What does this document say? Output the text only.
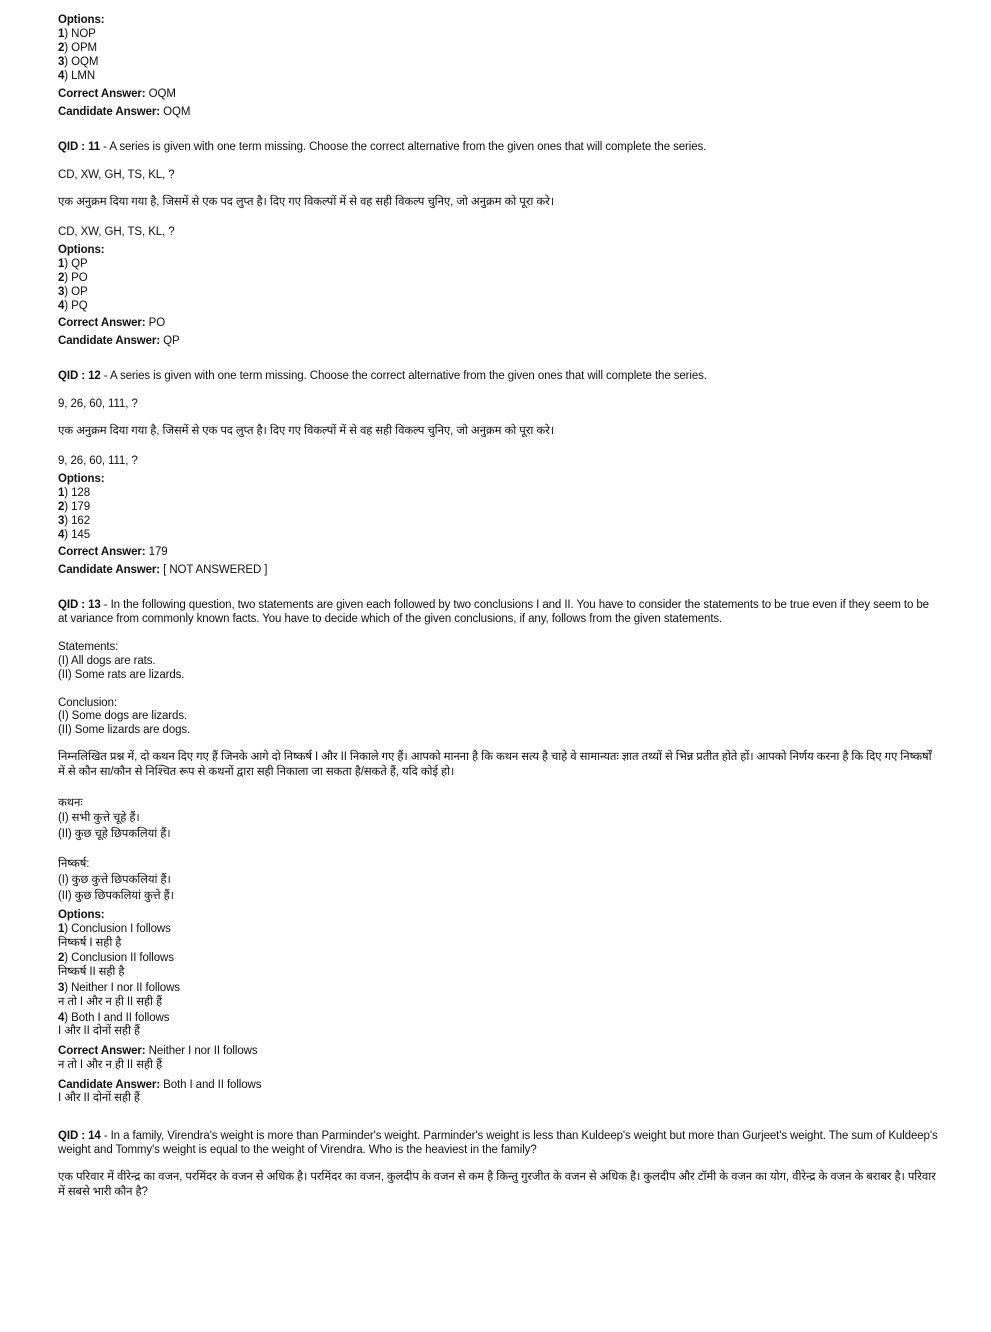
Options:
1) NOP
2) OPM
3) OQM
4) LMN
Correct Answer: OQM
Candidate Answer: OQM
QID : 11 - A series is given with one term missing. Choose the correct alternative from the given ones that will complete the series.
CD, XW, GH, TS, KL, ?
एक अनुक्रम दिया गया है, जिसमें से एक पद लुप्त है। दिए गए विकल्पों में से वह सही विकल्प चुनिए, जो अनुक्रम को पूरा करे।
CD, XW, GH, TS, KL, ?
Options:
1) QP
2) PO
3) OP
4) PQ
Correct Answer: PO
Candidate Answer: QP
QID : 12 - A series is given with one term missing. Choose the correct alternative from the given ones that will complete the series.
9, 26, 60, 111, ?
एक अनुक्रम दिया गया है, जिसमें से एक पद लुप्त है। दिए गए विकल्पों में से वह सही विकल्प चुनिए, जो अनुक्रम को पूरा करे।
9, 26, 60, 111, ?
Options:
1) 128
2) 179
3) 162
4) 145
Correct Answer: 179
Candidate Answer: [ NOT ANSWERED ]
QID : 13 - In the following question, two statements are given each followed by two conclusions I and II. You have to consider the statements to be true even if they seem to be at variance from commonly known facts. You have to decide which of the given conclusions, if any, follows from the given statements.
Statements:
(I) All dogs are rats.
(II) Some rats are lizards.
Conclusion:
(I) Some dogs are lizards.
(II) Some lizards are dogs.
निम्नलिखित प्रश्न में, दो कथन दिए गए हैं जिनके आगे दो निष्कर्ष I और II निकाले गए हैं। आपको मानना है कि कथन सत्य है चाहे वे सामान्यतः ज्ञात तथ्यों से भिन्न प्रतीत होते हों। आपको निर्णय करना है कि दिए गए निष्कर्षों में से कौन सा/कौन से निश्चित रूप से कथनों द्वारा सही निकाला जा सकता है/सकते हैं, यदि कोई हो।
कथनः
(I) सभी कुत्ते चूहे हैं।
(II) कुछ चूहे छिपकलियां हैं।
निष्कर्ष:
(I) कुछ कुत्ते छिपकलियां हैं।
(II) कुछ छिपकलियां कुत्ते हैं।
Options:
1) Conclusion I follows
निष्कर्ष I सही है
2) Conclusion II follows
निष्कर्ष II सही है
3) Neither I nor II follows
न तो I और न ही II सही हैं
4) Both I and II follows
I और II दोनों सही हैं
Correct Answer: Neither I nor II follows
न तो I और न ही II सही हैं
Candidate Answer: Both I and II follows
I और II दोनों सही हैं
QID : 14 - In a family, Virendra's weight is more than Parminder's weight. Parminder's weight is less than Kuldeep's weight but more than Gurjeet's weight. The sum of Kuldeep's weight and Tommy's weight is equal to the weight of Virendra. Who is the heaviest in the family?
एक परिवार में वीरेन्द्र का वजन, परमिंदर के वजन से अधिक है। परमिंदर का वजन, कुलदीप के वजन से कम है किन्तु गुरजीत के वजन से अधिक है। कुलदीप और टॉमी के वजन का योग, वीरेन्द्र के वजन के बराबर है। परिवार में सबसे भारी कौन है?
